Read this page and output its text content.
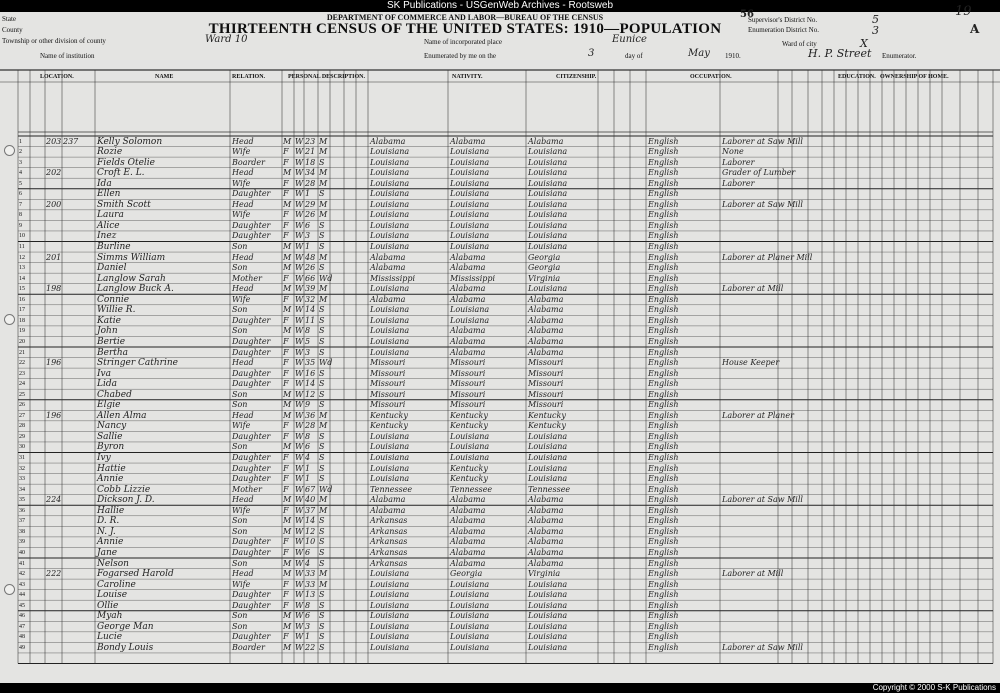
SK Publications - USGenWeb Archives - Rootsweb
DEPARTMENT OF COMMERCE AND LABOR—BUREAU OF THE CENSUS
THIRTEENTH CENSUS OF THE UNITED STATES: 1910—POPULATION
State
County
Township or other division of county
Name of institution
Name of incorporated place
Enumerated by me on the	day of	1910.	Enumerator.
Supervisor's District No.
Enumeration District No.
Ward of city
Ward 10	Eunice
3	May	H. P. Street
5
3
X
56	19
A
LOCATION.	NAME	RELATION.	PERSONAL DESCRIPTION.	NATIVITY.	CITIZENSHIP.	OCCUPATION.	EDUCATION. OWNERSHIP OF HOME.
1	203 237	Kelly Solomon	Head	M W 23 M	Alabama	Alabama	Alabama	English	Laborer at Saw Mill
2	Rozie	Wife	F W 21 M	Louisiana	Louisiana	Louisiana	English	None
3	Fields Otelie	Boarder	F W 18 S	Louisiana	Louisiana	Louisiana	English	Laborer
4	202	Croft E. L.	Head	M W 34 M	Louisiana	Louisiana	Louisiana	English	Grader of Lumber
5	Ida	Wife	F W 28 M	Louisiana	Louisiana	Louisiana	English	Laborer
6	Ellen	Daughter	F W 1	S	Louisiana	Louisiana	Louisiana	English
7	200	Smith Scott	Head	M W 29 M	Louisiana	Louisiana	Louisiana	English	Laborer at Saw Mill
8	Laura	Wife	F W 26 M	Louisiana	Louisiana	Louisiana	English
9	Alice	Daughter	F W 6	S	Louisiana	Louisiana	Louisiana	English
10	Inez	Daughter	F W 3	S	Louisiana	Louisiana	Louisiana	English
11	Burline	Son	M W 1	S	Louisiana	Louisiana	Louisiana	English
12	201	Simms William	Head	M W 48 M	Alabama	Alabama	Georgia	English	Laborer at Planer Mill
13	Daniel	Son	M W 26 S	Alabama	Alabama	Georgia	English
14	Langlow Sarah	Mother	F W 66 Wd	Mississippi	Mississippi	Virginia	English
15	198	Langlow Buck A.	Head	M W 39 M	Louisiana	Alabama	Louisiana	English	Laborer at Mill
16	Connie	Wife	F W 32 M	Alabama	Alabama	Alabama	English
17	Willie R.	Son	M W 14 S	Louisiana	Louisiana	Alabama	English
18	Katie	Daughter	F W 11 S	Louisiana	Louisiana	Alabama	English
19	John	Son	M W 8	S	Louisiana	Alabama	Alabama	English
20	Bertie	Daughter	F W 5	S	Louisiana	Alabama	Alabama	English
21	Bertha	Daughter	F W 3	S	Louisiana	Alabama	Alabama	English
22	196	Stringer Cathrine	Head	F W 35 Wd	Missouri	Missouri	Missouri	English	House Keeper
23	Iva	Daughter	F W 16 S	Missouri	Missouri	Missouri	English
24	Lida	Daughter	F W 14 S	Missouri	Missouri	Missouri	English
25	Chabed	Son	M W 12 S	Missouri	Missouri	Missouri	English
26	Elgie	Son	M W 9	S	Missouri	Missouri	Missouri	English
27	196	Allen Alma	Head	M W 36 M	Kentucky	Kentucky	Kentucky	English	Laborer at Planer
28	Nancy	Wife	F W 28 M	Kentucky	Kentucky	Kentucky	English
29	Sallie	Daughter	F W 8	S	Louisiana	Louisiana	Louisiana	English
30	Byron	Son	M W 6	S	Louisiana	Louisiana	Louisiana	English
31	Ivy	Daughter	F W 4	S	Louisiana	Louisiana	Louisiana	English
32	Hattie	Daughter	F W 1	S	Louisiana	Kentucky	Louisiana	English
33	Annie	Daughter	F W 1	S	Louisiana	Kentucky	Louisiana	English
34	Cobb Lizzie	Mother	F W 67 Wd	Tennessee	Tennessee	Tennessee	English
35	224	Dickson J. D.	Head	M W 40 M	Alabama	Alabama	Alabama	English	Laborer at Saw Mill
36	Hallie	Wife	F W 37 M	Alabama	Alabama	Alabama	English
37	D. R.	Son	M W 14 S	Arkansas	Alabama	Alabama	English
38	N. J.	Son	M W 12 S	Arkansas	Alabama	Alabama	English
39	Annie	Daughter	F W 10 S	Arkansas	Alabama	Alabama	English
40	Jane	Daughter	F W 6	S	Arkansas	Alabama	Alabama	English
41	Nelson	Son	M W 4	S	Arkansas	Alabama	Alabama	English
42	222	Fogarsed Harold	Head	M W 33 M	Louisiana	Georgia	Virginia	English	Laborer at Mill
43	Caroline	Wife	F W 33 M	Louisiana	Louisiana	Louisiana	English
44	Louise	Daughter	F W 13 S	Louisiana	Louisiana	Louisiana	English
45	Ollie	Daughter	F W 8	S	Louisiana	Louisiana	Louisiana	English
46	Myah	Son	M W 6	S	Louisiana	Louisiana	Louisiana	English
47	George Man	Son	M W 3	S	Louisiana	Louisiana	Louisiana	English
48	Lucie	Daughter	F W 1	S	Louisiana	Louisiana	Louisiana	English
49	Bondy Louis	Boarder	M W 22 S	Louisiana	Louisiana	Louisiana	English	Laborer at Saw Mill
Copyright © 2000 S-K Publications
